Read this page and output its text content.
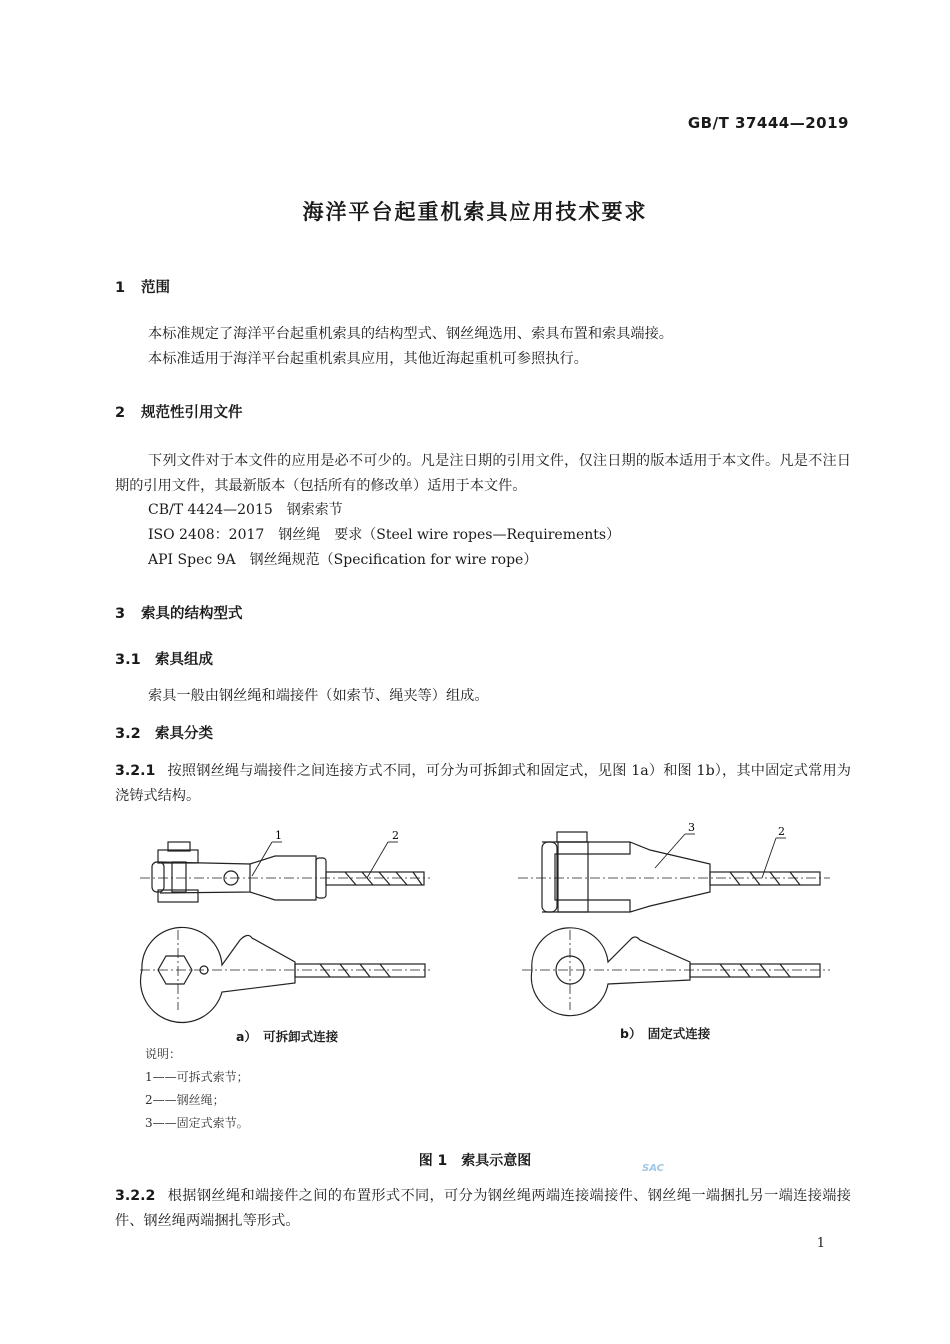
GB/T 37444—2019
海洋平台起重机索具应用技术要求
1 范围
本标准规定了海洋平台起重机索具的结构型式、钢丝绳选用、索具布置和索具端接。
本标准适用于海洋平台起重机索具应用，其他近海起重机可参照执行。
2 规范性引用文件
下列文件对于本文件的应用是必不可少的。凡是注日期的引用文件，仅注日期的版本适用于本文件。凡是不注日期的引用文件，其最新版本（包括所有的修改单）适用于本文件。
CB/T 4424—2015　钢索索节
ISO 2408：2017　钢丝绳　要求（Steel wire ropes—Requirements）
API Spec 9A　钢丝绳规范（Specification for wire rope）
3 索具的结构型式
3.1 索具组成
索具一般由钢丝绳和端接件（如索节、绳夹等）组成。
3.2 索具分类
3.2.1 按照钢丝绳与端接件之间连接方式不同，可分为可拆卸式和固定式，见图 1a）和图 1b），其中固定式常用为浇铸式结构。
1	2
3	2
a）　可拆卸式连接	b）　固定式连接
说明：
1——可拆式索节；
2——钢丝绳；
3——固定式索节。
图 1　索具示意图	SAC
3.2.2 根据钢丝绳和端接件之间的布置形式不同，可分为钢丝绳两端连接端接件、钢丝绳一端捆扎另一端连接端接件、钢丝绳两端捆扎等形式。
1
